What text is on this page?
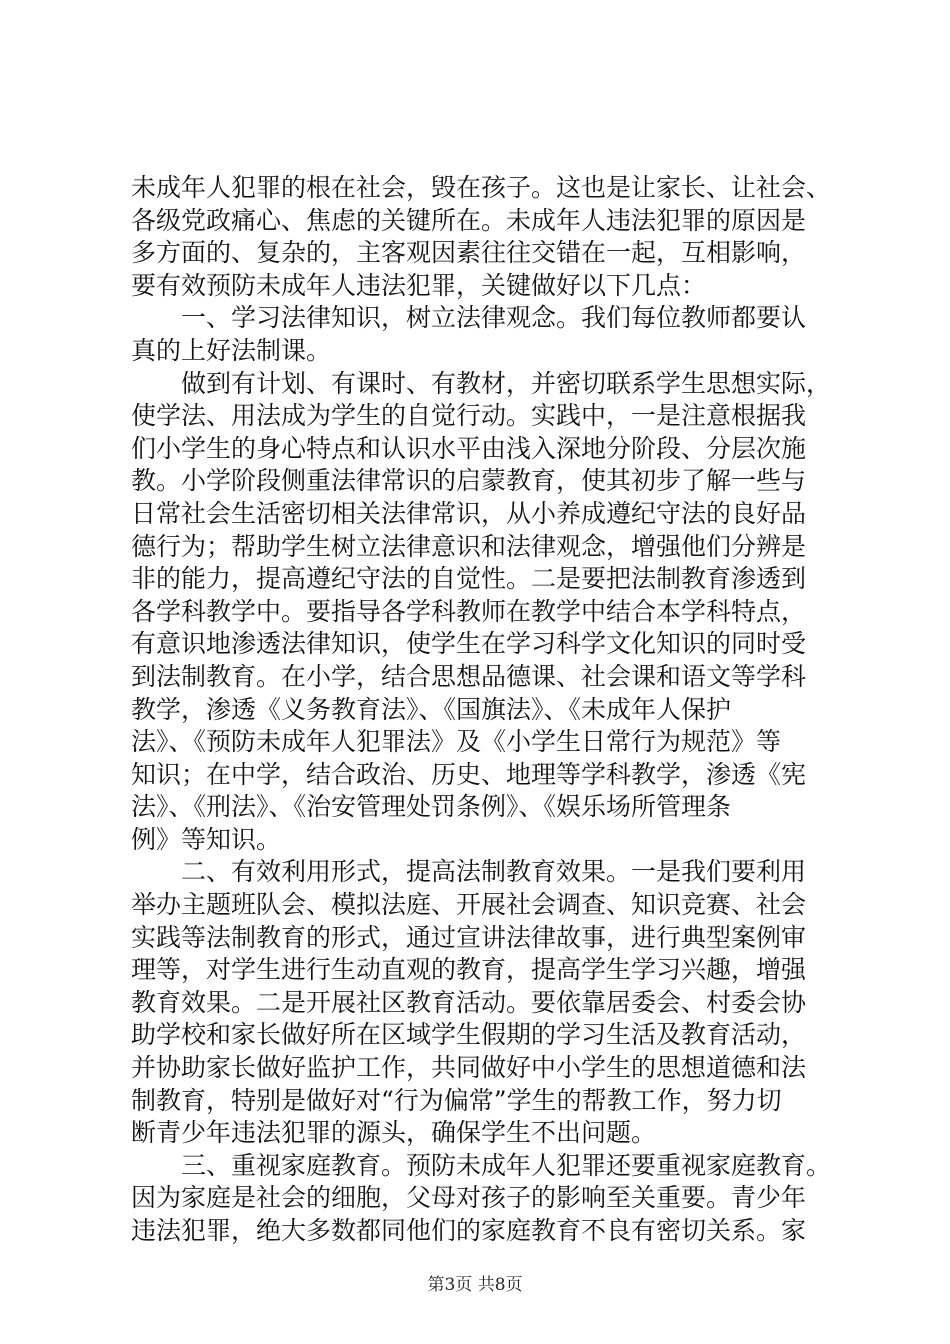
未成年人犯罪的根在社会，毁在孩子。这也是让家长、让社会、
各级党政痛心、焦虑的关键所在。未成年人违法犯罪的原因是
多方面的、复杂的，主客观因素往往交错在一起，互相影响，
要有效预防未成年人违法犯罪，关键做好以下几点：
　　一、学习法律知识，树立法律观念。我们每位教师都要认
真的上好法制课。
　　做到有计划、有课时、有教材，并密切联系学生思想实际，
使学法、用法成为学生的自觉行动。实践中，一是注意根据我
们小学生的身心特点和认识水平由浅入深地分阶段、分层次施
教。小学阶段侧重法律常识的启蒙教育，使其初步了解一些与
日常社会生活密切相关法律常识，从小养成遵纪守法的良好品
德行为；帮助学生树立法律意识和法律观念，增强他们分辨是
非的能力，提高遵纪守法的自觉性。二是要把法制教育渗透到
各学科教学中。要指导各学科教师在教学中结合本学科特点，
有意识地渗透法律知识，使学生在学习科学文化知识的同时受
到法制教育。在小学，结合思想品德课、社会课和语文等学科
教学，渗透《义务教育法》、《国旗法》、《未成年人保护
法》、《预防未成年人犯罪法》及《小学生日常行为规范》等
知识；在中学，结合政治、历史、地理等学科教学，渗透《宪
法》、《刑法》、《治安管理处罚条例》、《娱乐场所管理条
例》等知识。
　　二、有效利用形式，提高法制教育效果。一是我们要利用
举办主题班队会、模拟法庭、开展社会调查、知识竞赛、社会
实践等法制教育的形式，通过宣讲法律故事，进行典型案例审
理等，对学生进行生动直观的教育，提高学生学习兴趣，增强
教育效果。二是开展社区教育活动。要依靠居委会、村委会协
助学校和家长做好所在区域学生假期的学习生活及教育活动，
并协助家长做好监护工作，共同做好中小学生的思想道德和法
制教育，特别是做好对“行为偏常”学生的帮教工作，努力切
断青少年违法犯罪的源头，确保学生不出问题。
　　三、重视家庭教育。预防未成年人犯罪还要重视家庭教育。
因为家庭是社会的细胞，父母对孩子的影响至关重要。青少年
违法犯罪，绝大多数都同他们的家庭教育不良有密切关系。家
第3页 共8页
